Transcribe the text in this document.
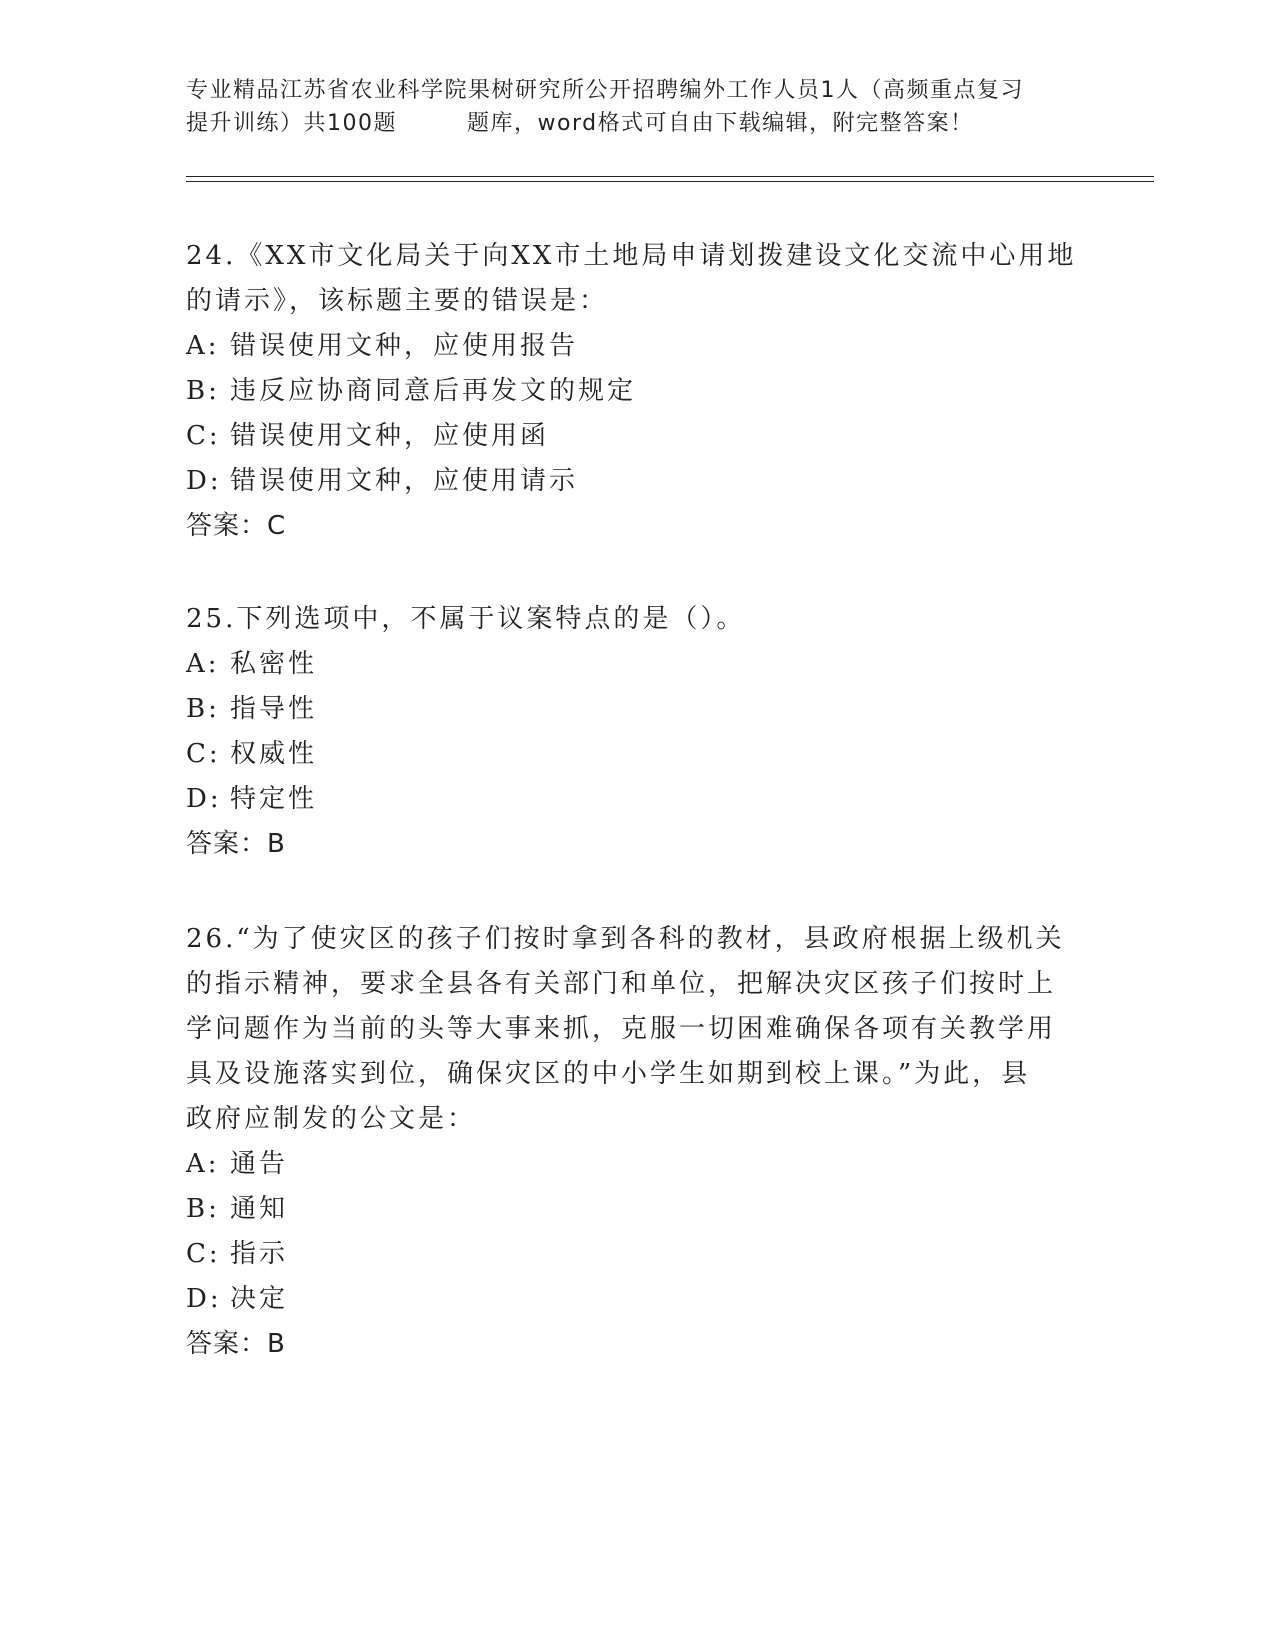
专业精品江苏省农业科学院果树研究所公开招聘编外工作人员1人（高频重点复习
提升训练）共100题	题库，word格式可自由下载编辑，附完整答案！

24.《XX市文化局关于向XX市土地局申请划拨建设文化交流中心用地

的请示》，该标题主要的错误是：

A: 错误使用文种，应使用报告

B: 违反应协商同意后再发文的规定

C: 错误使用文种，应使用函

D: 错误使用文种，应使用请示

答案：C

25.下列选项中，不属于议案特点的是（）。

A: 私密性

B: 指导性

C: 权威性

D: 特定性

答案：B

26.“为了使灾区的孩子们按时拿到各科的教材，县政府根据上级机关

的指示精神，要求全县各有关部门和单位，把解决灾区孩子们按时上

学问题作为当前的头等大事来抓，克服一切困难确保各项有关教学用

具及设施落实到位，确保灾区的中小学生如期到校上课。”为此，县

政府应制发的公文是：

A: 通告

B: 通知

C: 指示

D: 决定

答案：B
